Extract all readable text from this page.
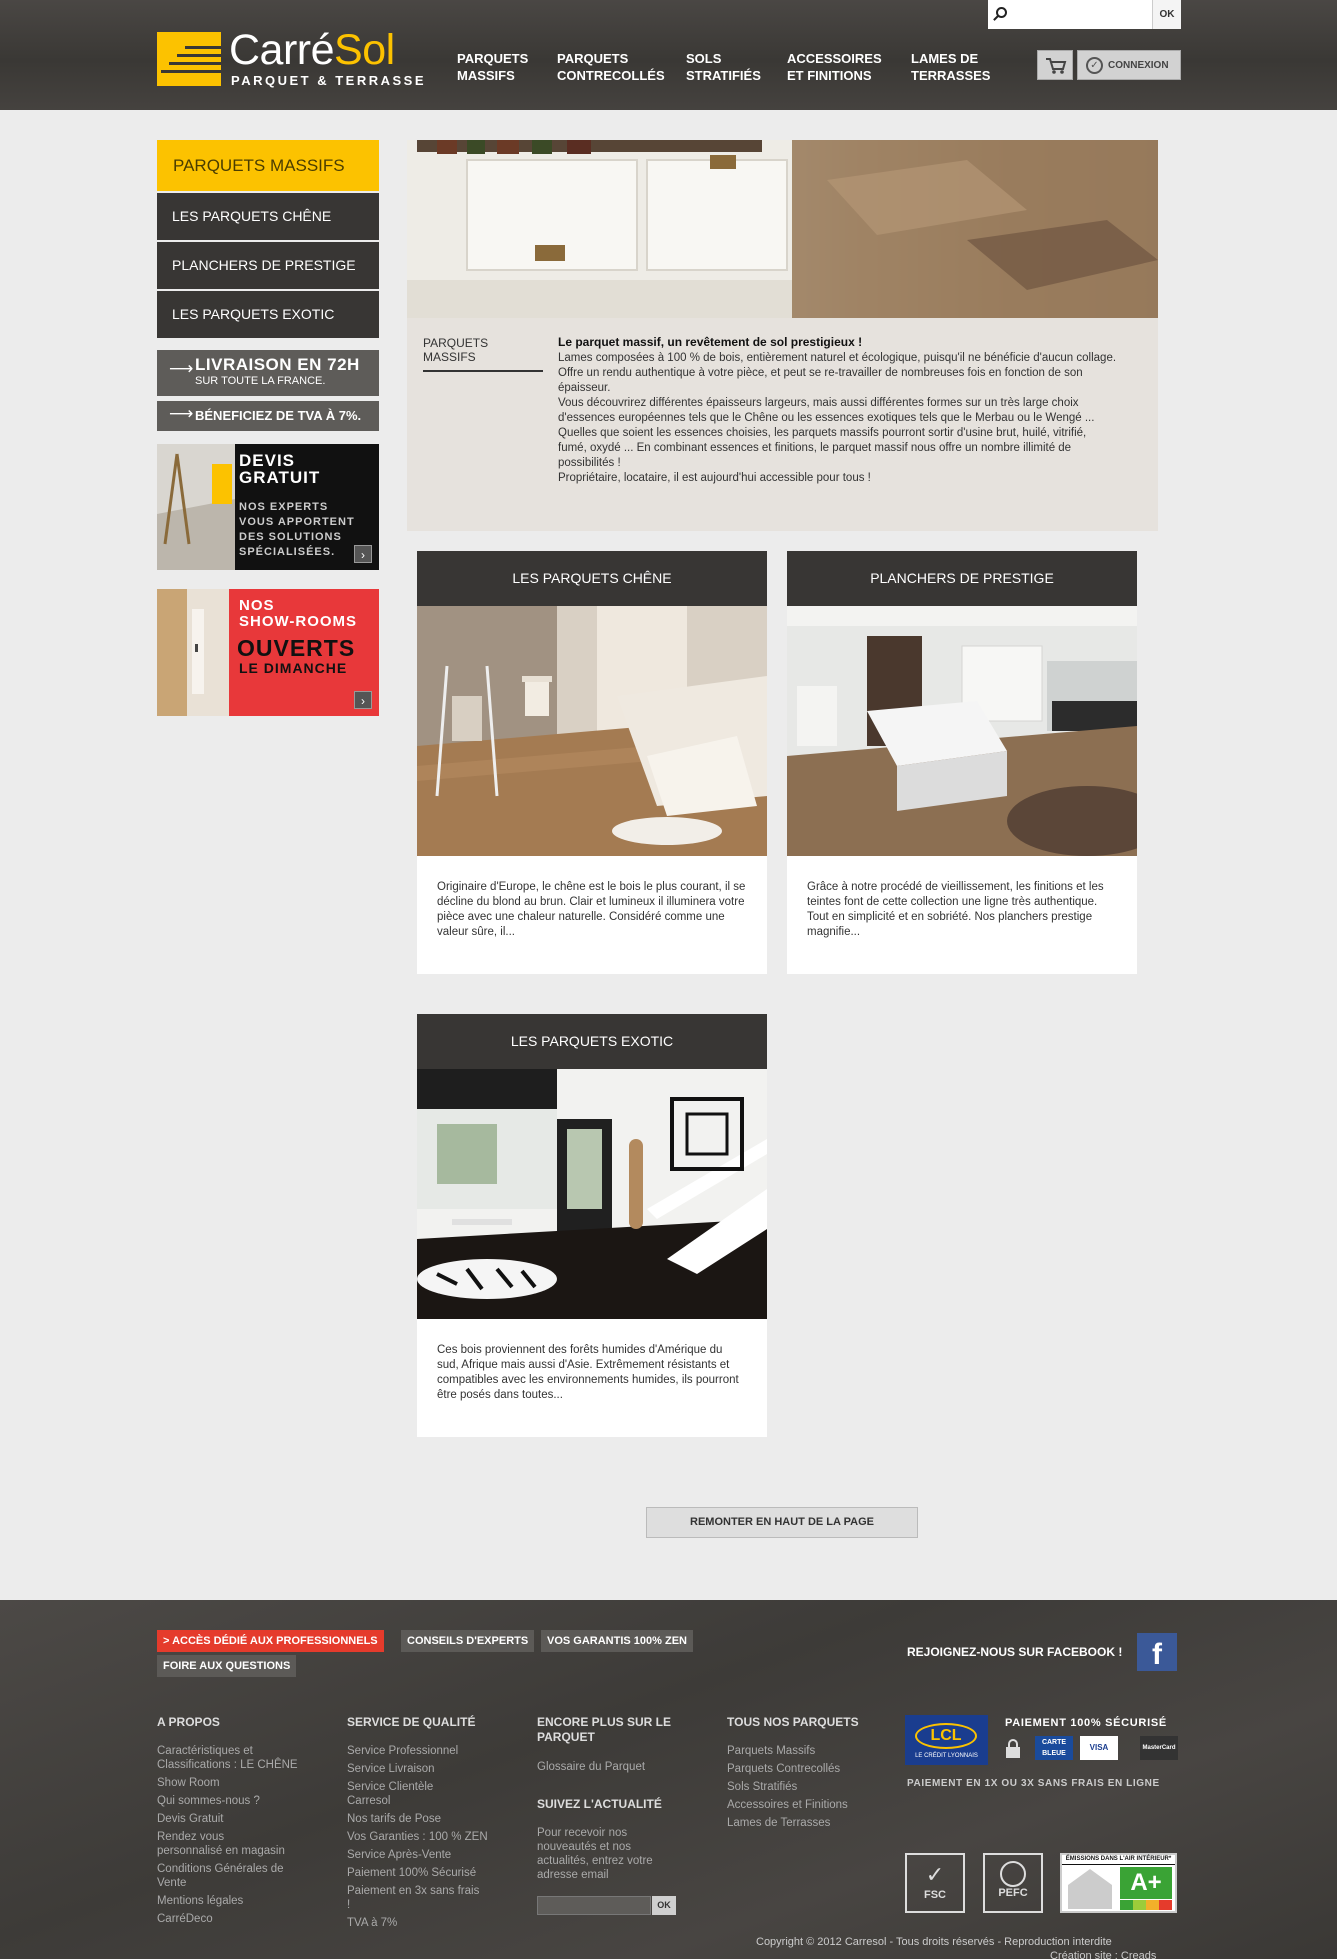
CarréSol
PARQUET & TERRASSE
PARQUETS
MASSIFS
PARQUETS
CONTRECOLLÉS
SOLS
STRATIFIÉS
ACCESSOIRES
ET FINITIONS
LAMES DE
TERRASSES
OK
✓ CONNEXION
PARQUETS MASSIFS
LES PARQUETS CHÊNE
PLANCHERS DE PRESTIGE
LES PARQUETS EXOTIC
⟶ LIVRAISON EN 72H
SUR TOUTE LA FRANCE.
⟶ BÉNEFICIEZ DE TVA À 7%.
DEVIS
GRATUIT
NOS EXPERTS
VOUS APPORTENT
DES SOLUTIONS
SPÉCIALISÉES.	›
NOS
SHOW-ROOMS
OUVERTS
LE DIMANCHE
›
PARQUETS MASSIFS
Le parquet massif, un revêtement de sol prestigieux !
Lames composées à 100 % de bois, entièrement naturel et écologique, puisqu'il ne bénéficie d'aucun collage.
Offre un rendu authentique à votre pièce, et peut se re-travailler de nombreuses fois en fonction de son épaisseur.
Vous découvrirez différentes épaisseurs largeurs, mais aussi différentes formes sur un très large choix d'essences européennes tels que le Chêne ou les essences exotiques tels que le Merbau ou le Wengé ...
Quelles que soient les essences choisies, les parquets massifs pourront sortir d'usine brut, huilé, vitrifié, fumé, oxydé ... En combinant essences et finitions, le parquet massif nous offre un nombre illimité de possibilités !
Propriétaire, locataire, il est aujourd'hui accessible pour tous !
LES PARQUETS CHÊNE
Originaire d'Europe, le chêne est le bois le plus courant, il se décline du blond au brun. Clair et lumineux il illuminera votre pièce avec une chaleur naturelle. Considéré comme une valeur sûre, il...
PLANCHERS DE PRESTIGE
Grâce à notre procédé de vieillissement, les finitions et les teintes font de cette collection une ligne très authentique. Tout en simplicité et en sobriété. Nos planchers prestige magnifie...
LES PARQUETS EXOTIC
Ces bois proviennent des forêts humides d'Amérique du sud, Afrique mais aussi d'Asie. Extrêmement résistants et compatibles avec les environnements humides, ils pourront être posés dans toutes...
REMONTER EN HAUT DE LA PAGE
> ACCÈS DÉDIÉ AUX PROFESSIONNELS	CONSEILS D'EXPERTS	VOS GARANTIS 100% ZEN
FOIRE AUX QUESTIONS
REJOIGNEZ-NOUS SUR FACEBOOK ! f
A PROPOS
Caractéristiques et
Classifications : LE CHÊNE
Show Room
Qui sommes-nous ?
Devis Gratuit
Rendez vous
personnalisé en magasin
Conditions Générales de
Vente
Mentions légales
CarréDeco
SERVICE DE QUALITÉ
Service Professionnel
Service Livraison
Service Clientèle
Carresol
Nos tarifs de Pose
Vos Garanties : 100 % ZEN
Service Après-Vente
Paiement 100% Sécurisé
Paiement en 3x sans frais
!
TVA à 7%
ENCORE PLUS SUR LE
PARQUET
Glossaire du Parquet
SUIVEZ L'ACTUALITÉ
Pour recevoir nos
nouveautés et nos
actualités, entrez votre
adresse email
OK
TOUS NOS PARQUETS
Parquets Massifs
Parquets Contrecollés
Sols Stratifiés
Accessoires et Finitions
Lames de Terrasses
LCL
LE CRÉDIT LYONNAIS
PAIEMENT 100% SÉCURISÉ
CARTE BLEUE
VISA	MasterCard
PAIEMENT EN 1X OU 3X SANS FRAIS EN LIGNE
✓
FSC	PEFC
ÉMISSIONS DANS L'AIR INTÉRIEUR*
A+
Copyright © 2012 Carresol - Tous droits réservés - Reproduction interdite
Création site : Creads
